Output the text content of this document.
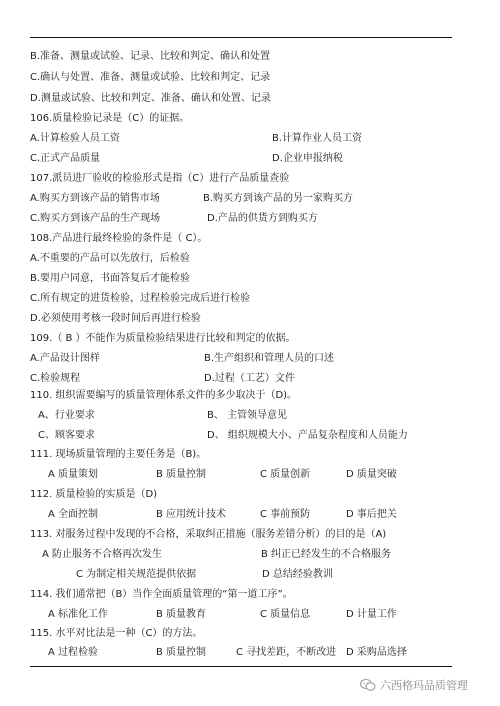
B.准备、测量或试验、记录、比较和判定、确认和处置
C.确认与处置、准备、测量或试验、比较和判定、记录
D.测量或试验、比较和判定、准备、确认和处置、记录
106.质量检验记录是（C）的证据。
A.计算检验人员工资	B.计算作业人员工资
C.正式产品质量	D.企业申报纳税
107.派员进厂验收的检验形式是指（C）进行产品质量查验
A.购买方到该产品的销售市场	B.购买方到该产品的另一家购买方
C.购买方到该产品的生产现场	D.产品的供货方到购买方
108.产品进行最终检验的条件是（ C）。
A.不重要的产品可以先放行，后检验
B.要用户同意，书面答复后才能检验
C.所有规定的进货检验，过程检验完成后进行检验
D.必须使用考核一段时间后再进行检验
109.（ B ）不能作为质量检验结果进行比较和判定的依据。
A.产品设计图样	B.生产组织和管理人员的口述
C.检验规程	D.过程（工艺）文件
110. 组织需要编写的质量管理体系文件的多少取决于（D)。
A、行业要求	B、 主管领导意见
C、顾客要求	D、 组织规模大小、产品复杂程度和人员能力
111. 现场质量管理的主要任务是（B)。
A 质量策划	B 质量控制	C 质量创新	D 质量突破
112. 质量检验的实质是（D)
A 全面控制	B 应用统计技术	C 事前预防	D 事后把关
113. 对服务过程中发现的不合格，采取纠正措施（服务差错分析）的目的是（A)
A 防止服务不合格再次发生	B 纠正已经发生的不合格服务
C 为制定相关规范提供依据	D 总结经验教训
114. 我们通常把（B）当作全面质量管理的“第一道工序”。
A 标准化工作	B 质量教育	C 质量信息	D 计量工作
115. 水平对比法是一种（C）的方法。
A 过程检验	B 质量控制	C 寻找差距，不断改进 D 采购品选择
六西格玛品质管理
